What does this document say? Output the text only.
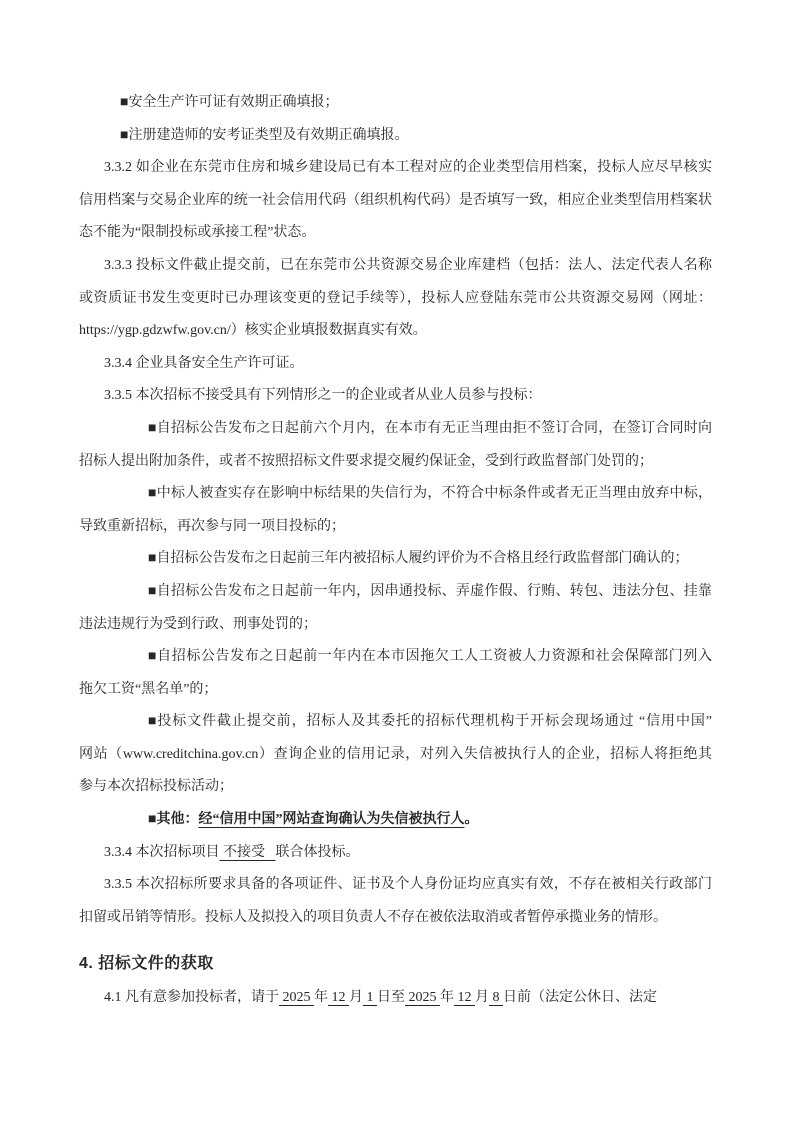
■安全生产许可证有效期正确填报；
■注册建造师的安考证类型及有效期正确填报。
3.3.2 如企业在东莞市住房和城乡建设局已有本工程对应的企业类型信用档案，投标人应尽早核实
信用档案与交易企业库的统一社会信用代码（组织机构代码）是否填写一致，相应企业类型信用档案状
态不能为“限制投标或承接工程”状态。
3.3.3 投标文件截止提交前，已在东莞市公共资源交易企业库建档（包括：法人、法定代表人名称
或资质证书发生变更时已办理该变更的登记手续等），投标人应登陆东莞市公共资源交易网（网址：
https://ygp.gdzwfw.gov.cn/）核实企业填报数据真实有效。
3.3.4 企业具备安全生产许可证。
3.3.5 本次招标不接受具有下列情形之一的企业或者从业人员参与投标：
■自招标公告发布之日起前六个月内，在本市有无正当理由拒不签订合同，在签订合同时向
招标人提出附加条件，或者不按照招标文件要求提交履约保证金，受到行政监督部门处罚的；
■中标人被查实存在影响中标结果的失信行为，不符合中标条件或者无正当理由放弃中标，
导致重新招标，再次参与同一项目投标的；
■自招标公告发布之日起前三年内被招标人履约评价为不合格且经行政监督部门确认的；
■自招标公告发布之日起前一年内，因串通投标、弄虚作假、行贿、转包、违法分包、挂靠
违法违规行为受到行政、刑事处罚的；
■自招标公告发布之日起前一年内在本市因拖欠工人工资被人力资源和社会保障部门列入
拖欠工资“黑名单”的；
■投标文件截止提交前，招标人及其委托的招标代理机构于开标会现场通过 “信用中国”
网站（www.creditchina.gov.cn）查询企业的信用记录，对列入失信被执行人的企业，招标人将拒绝其
参与本次招标投标活动；
■其他：经“信用中国”网站查询确认为失信被执行人。
3.3.4 本次招标项目 不接受   联合体投标。
3.3.5 本次招标所要求具备的各项证件、证书及个人身份证均应真实有效，不存在被相关行政部门
扣留或吊销等情形。投标人及拟投入的项目负责人不存在被依法取消或者暂停承揽业务的情形。
4. 招标文件的获取
4.1 凡有意参加投标者，请于 2025 年 12 月 1 日至 2025 年 12 月 8 日前（法定公休日、法定
